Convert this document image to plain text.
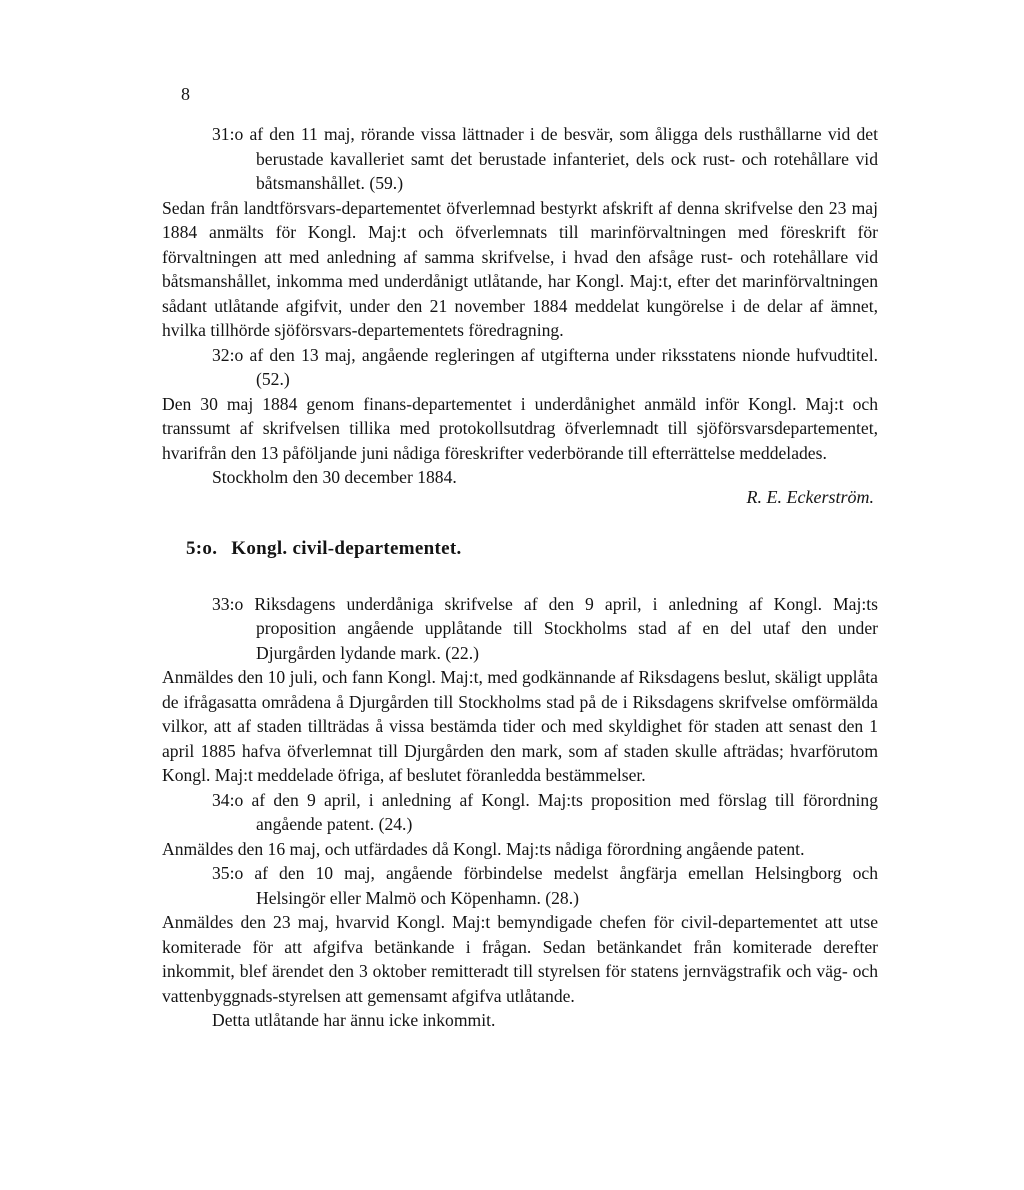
8

31:o af den 11 maj, rörande vissa lättnader i de besvär, som åligga dels rusthållarne vid det berustade kavalleriet samt det berustade infanteriet, dels ock rust- och rotehållare vid båtsmanshållet. (59.)

Sedan från landtförsvars-departementet öfverlemnad bestyrkt afskrift af denna skrifvelse den 23 maj 1884 anmälts för Kongl. Maj:t och öfverlemnats till marinförvaltningen med föreskrift för förvaltningen att med anledning af samma skrifvelse, i hvad den afsåge rust- och rotehållare vid båtsmanshållet, inkomma med underdånigt utlåtande, har Kongl. Maj:t, efter det marinförvaltningen sådant utlåtande afgifvit, under den 21 november 1884 meddelat kungörelse i de delar af ämnet, hvilka tillhörde sjöförsvars-departementets föredragning.

32:o af den 13 maj, angående regleringen af utgifterna under riksstatens nionde hufvudtitel. (52.)

Den 30 maj 1884 genom finans-departementet i underdånighet anmäld inför Kongl. Maj:t och transsumt af skrifvelsen tillika med protokollsutdrag öfverlemnadt till sjöförsvarsdepartementet, hvarifrån den 13 påföljande juni nådiga föreskrifter vederbörande till efterrättelse meddelades.

Stockholm den 30 december 1884.
R. E. Eckerström.

5:o. Kongl. civil-departementet.

33:o Riksdagens underdåniga skrifvelse af den 9 april, i anledning af Kongl. Maj:ts proposition angående upplåtande till Stockholms stad af en del utaf den under Djurgården lydande mark. (22.)

Anmäldes den 10 juli, och fann Kongl. Maj:t, med godkännande af Riksdagens beslut, skäligt upplåta de ifrågasatta områdena å Djurgården till Stockholms stad på de i Riksdagens skrifvelse omförmälda vilkor, att af staden tillträdas å vissa bestämda tider och med skyldighet för staden att senast den 1 april 1885 hafva öfverlemnat till Djurgården den mark, som af staden skulle afträdas; hvarförutom Kongl. Maj:t meddelade öfriga, af beslutet föranledda bestämmelser.

34:o af den 9 april, i anledning af Kongl. Maj:ts proposition med förslag till förordning angående patent. (24.)

Anmäldes den 16 maj, och utfärdades då Kongl. Maj:ts nådiga förordning angående patent.

35:o af den 10 maj, angående förbindelse medelst ångfärja emellan Helsingborg och Helsingör eller Malmö och Köpenhamn. (28.)

Anmäldes den 23 maj, hvarvid Kongl. Maj:t bemyndigade chefen för civil-departementet att utse komiterade för att afgifva betänkande i frågan. Sedan betänkandet från komiterade derefter inkommit, blef ärendet den 3 oktober remitteradt till styrelsen för statens jernvägstrafik och väg- och vattenbyggnads-styrelsen att gemensamt afgifva utlåtande.

Detta utlåtande har ännu icke inkommit.
